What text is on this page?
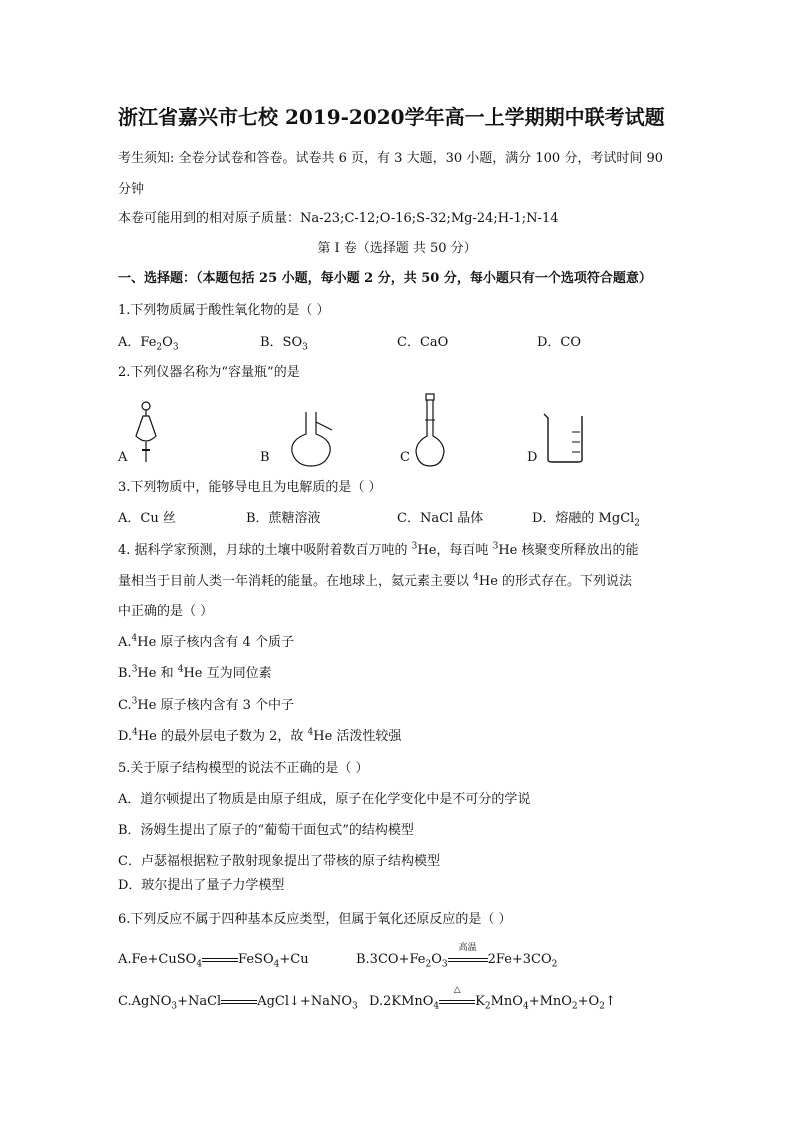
浙江省嘉兴市七校 2019-2020学年高一上学期期中联考试题
考生须知: 全卷分试卷和答卷。试卷共 6 页，有 3 大题，30 小题，满分 100 分，考试时间 90
分钟
本卷可能用到的相对原子质量：Na-23;C-12;O-16;S-32;Mg-24;H-1;N-14
第 I 卷（选择题 共 50 分）
一、选择题：（本题包括 25 小题，每小题 2 分，共 50 分，每小题只有一个选项符合题意）
1.下列物质属于酸性氧化物的是（ ）
A．$Fe_2O_3$	B．$SO_3$	C．CaO	D．CO
2.下列仪器名称为“容量瓶”的是
A	B	C	D
3.下列物质中，能够导电且为电解质的是（ ）
A．Cu 丝	B．蔗糖溶液	C．NaCl 晶体	D．熔融的 MgCl$_2$
4. 据科学家预测，月球的土壤中吸附着数百万吨的 $^3$He，每百吨 $^3$He 核聚变所释放出的能
量相当于目前人类一年消耗的能量。在地球上，氦元素主要以 $^4$He 的形式存在。下列说法
中正确的是（ ）
A.$^4$He 原子核内含有 4 个质子
B.$^3$He 和 $^4$He 互为同位素
C.$^3$He 原子核内含有 3 个中子
D.$^4$He 的最外层电子数为 2，故 $^4$He 活泼性较强
5.关于原子结构模型的说法不正确的是（ ）
A．道尔顿提出了物质是由原子组成，原子在化学变化中是不可分的学说
B．汤姆生提出了原子的“葡萄干面包式”的结构模型
C．卢瑟福根据粒子散射现象提出了带核的原子结构模型
D．玻尔提出了量子力学模型
6.下列反应不属于四种基本反应类型，但属于氧化还原反应的是（ ）
A.Fe+CuSO$_4$	FeSO$_4$+Cu	$B.3CO+Fe_2O_3$
高温
$2Fe+3CO_2$
C.AgNO$_3$+NaCl	AgCl↓+NaNO$_3$ D.2KMnO$_4$
△
$K_2MnO_4+MnO_2+O_2↑$
